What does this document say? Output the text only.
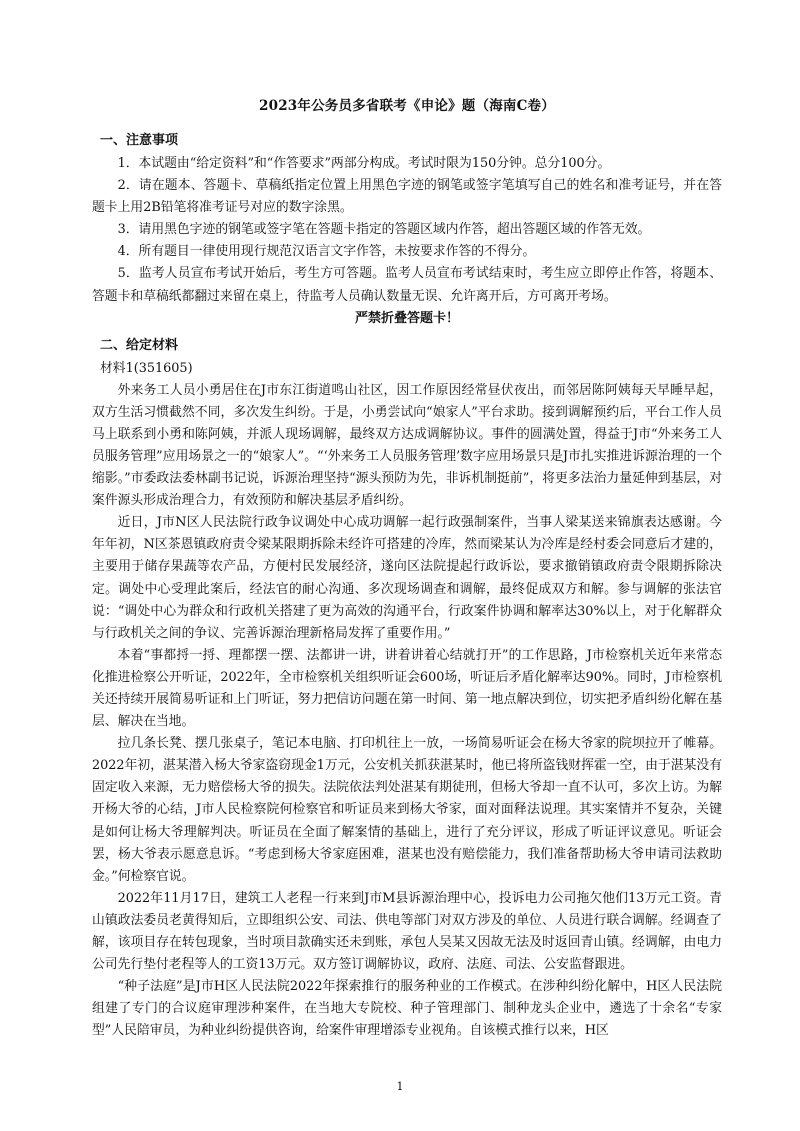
2023年公务员多省联考《申论》题（海南C卷）
一、注意事项

1．本试题由“给定资料”和“作答要求”两部分构成。考试时限为150分钟。总分100分。

2．请在题本、答题卡、草稿纸指定位置上用黑色字迹的钢笔或签字笔填写自己的姓名和准考证号，并在答题卡上用2B铅笔将准考证号对应的数字涂黑。

3．请用黑色字迹的钢笔或签字笔在答题卡指定的答题区域内作答，超出答题区域的作答无效。

4．所有题目一律使用现行规范汉语言文字作答，未按要求作答的不得分。

5．监考人员宣布考试开始后，考生方可答题。监考人员宣布考试结束时，考生应立即停止作答，将题本、答题卡和草稿纸都翻过来留在桌上，待监考人员确认数量无误、允许离开后，方可离开考场。

严禁折叠答题卡！

二、给定材料
材料1(351605)

外来务工人员小勇居住在J市东江街道鸣山社区，因工作原因经常昼伏夜出，而邻居陈阿姨每天早睡早起，双方生活习惯截然不同，多次发生纠纷。于是，小勇尝试向“娘家人”平台求助。接到调解预约后，平台工作人员马上联系到小勇和陈阿姨，并派人现场调解，最终双方达成调解协议。事件的圆满处置，得益于J市“外来务工人员服务管理”应用场景之一的“娘家人”。“‘外来务工人员服务管理’数字应用场景只是J市扎实推进诉源治理的一个缩影。”市委政法委林副书记说，诉源治理坚持“源头预防为先，非诉机制挺前”，将更多法治力量延伸到基层，对案件源头形成治理合力，有效预防和解决基层矛盾纠纷。

近日，J市N区人民法院行政争议调处中心成功调解一起行政强制案件，当事人梁某送来锦旗表达感谢。今年年初，N区茶恩镇政府责令梁某限期拆除未经许可搭建的冷库，然而梁某认为冷库是经村委会同意后才建的，主要用于储存果蔬等农产品，方便村民发展经济，遂向区法院提起行政诉讼，要求撤销镇政府责令限期拆除决定。调处中心受理此案后，经法官的耐心沟通、多次现场调查和调解，最终促成双方和解。参与调解的张法官说：“调处中心为群众和行政机关搭建了更为高效的沟通平台，行政案件协调和解率达30%以上，对于化解群众与行政机关之间的争议、完善诉源治理新格局发挥了重要作用。”

本着“事都捋一捋、理都摆一摆、法都讲一讲，讲着讲着心结就打开”的工作思路，J市检察机关近年来常态化推进检察公开听证，2022年，全市检察机关组织听证会600场，听证后矛盾化解率达90%。同时，J市检察机关还持续开展简易听证和上门听证，努力把信访问题在第一时间、第一地点解决到位，切实把矛盾纠纷化解在基层、解决在当地。

拉几条长凳、摆几张桌子，笔记本电脑、打印机往上一放，一场简易听证会在杨大爷家的院坝拉开了帷幕。2022年初，湛某潜入杨大爷家盗窃现金1万元，公安机关抓获湛某时，他已将所盗钱财挥霍一空，由于湛某没有固定收入来源，无力赔偿杨大爷的损失。法院依法判处湛某有期徒刑，但杨大爷却一直不认可，多次上访。为解开杨大爷的心结，J市人民检察院何检察官和听证员来到杨大爷家，面对面释法说理。其实案情并不复杂，关键是如何让杨大爷理解判决。听证员在全面了解案情的基础上，进行了充分评议，形成了听证评议意见。听证会罢，杨大爷表示愿意息诉。“考虑到杨大爷家庭困难，湛某也没有赔偿能力，我们准备帮助杨大爷申请司法救助金。”何检察官说。

2022年11月17日，建筑工人老程一行来到J市M县诉源治理中心，投诉电力公司拖欠他们13万元工资。青山镇政法委员老黄得知后，立即组织公安、司法、供电等部门对双方涉及的单位、人员进行联合调解。经调查了解，该项目存在转包现象，当时项目款确实还未到账，承包人吴某又因故无法及时返回青山镇。经调解，由电力公司先行垫付老程等人的工资13万元。双方签订调解协议，政府、法庭、司法、公安监督跟进。

“种子法庭”是J市H区人民法院2022年探索推行的服务种业的工作模式。在涉种纠纷化解中，H区人民法院组建了专门的合议庭审理涉种案件，在当地大专院校、种子管理部门、制种龙头企业中，遴选了十余名“专家型”人民陪审员，为种业纠纷提供咨询，给案件审理增添专业视角。自该模式推行以来，H区

1
